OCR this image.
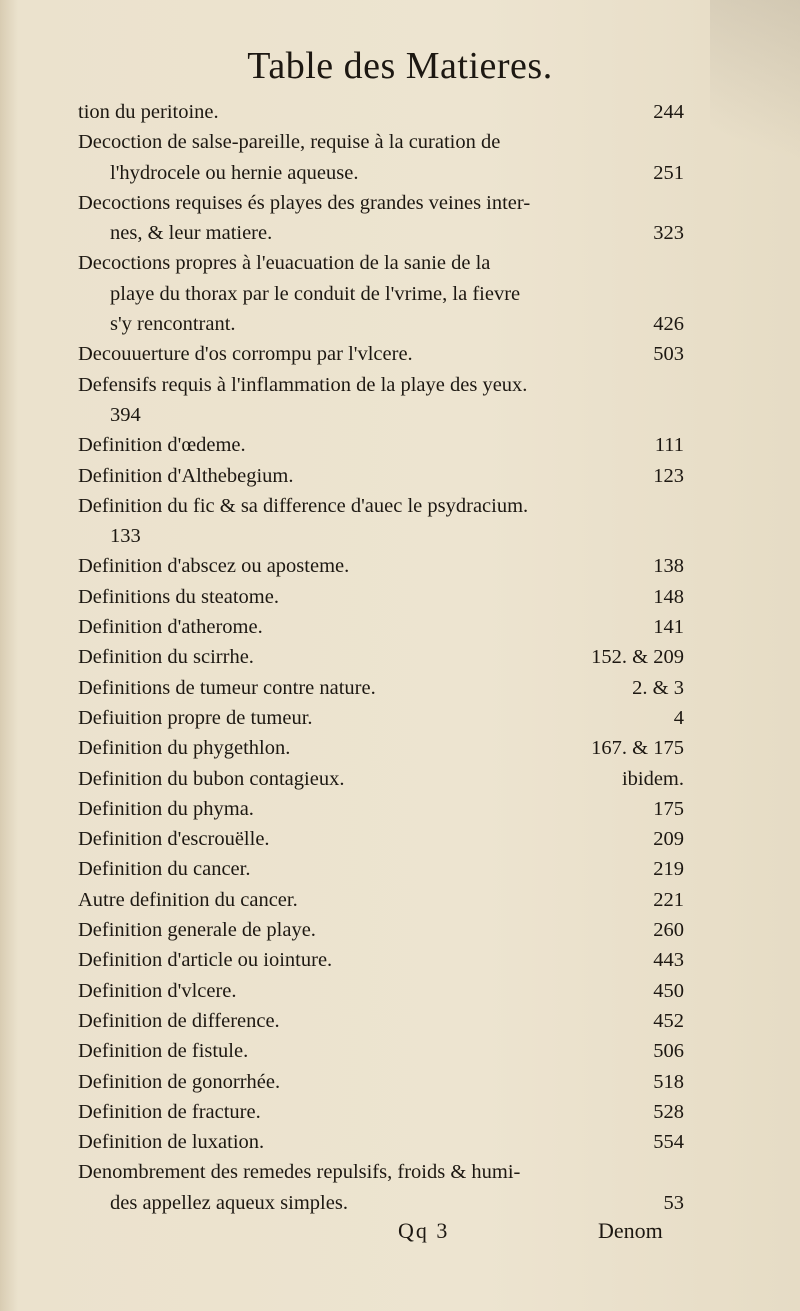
Table des Matieres.
tion du peritoine.	244
Decoction de salse-pareille, requise à la curation de
l'hydrocele ou hernie aqueuse.	251
Decoctions requises és playes des grandes veines inter-
nes, & leur matiere.	323
Decoctions propres à l'euacuation de la sanie de la
playe du thorax par le conduit de l'vrime, la fievre
s'y rencontrant.	426
Decouuerture d'os corrompu par l'vlcere.	503
Defensifs requis à l'inflammation de la playe des yeux.
394
Definition d'œdeme.	111
Definition d'Althebegium.	123
Definition du fic & sa difference d'auec le psydracium.
133
Definition d'abscez ou aposteme.	138
Definitions du steatome.	148
Definition d'atherome.	141
Definition du scirrhe.	152. & 209
Definitions de tumeur contre nature.	2. & 3
Defiuition propre de tumeur.	4
Definition du phygethlon.	167. & 175
Definition du bubon contagieux.	ibidem.
Definition du phyma.	175
Definition d'escrouëlle.	209
Definition du cancer.	219
Autre definition du cancer.	221
Definition generale de playe.	260
Definition d'article ou iointure.	443
Definition d'vlcere.	450
Definition de difference.	452
Definition de fistule.	506
Definition de gonorrhée.	518
Definition de fracture.	528
Definition de luxation.	554
Denombrement des remedes repulsifs, froids & humi-
des appellez aqueux simples.	53
Qq 3	Denom
